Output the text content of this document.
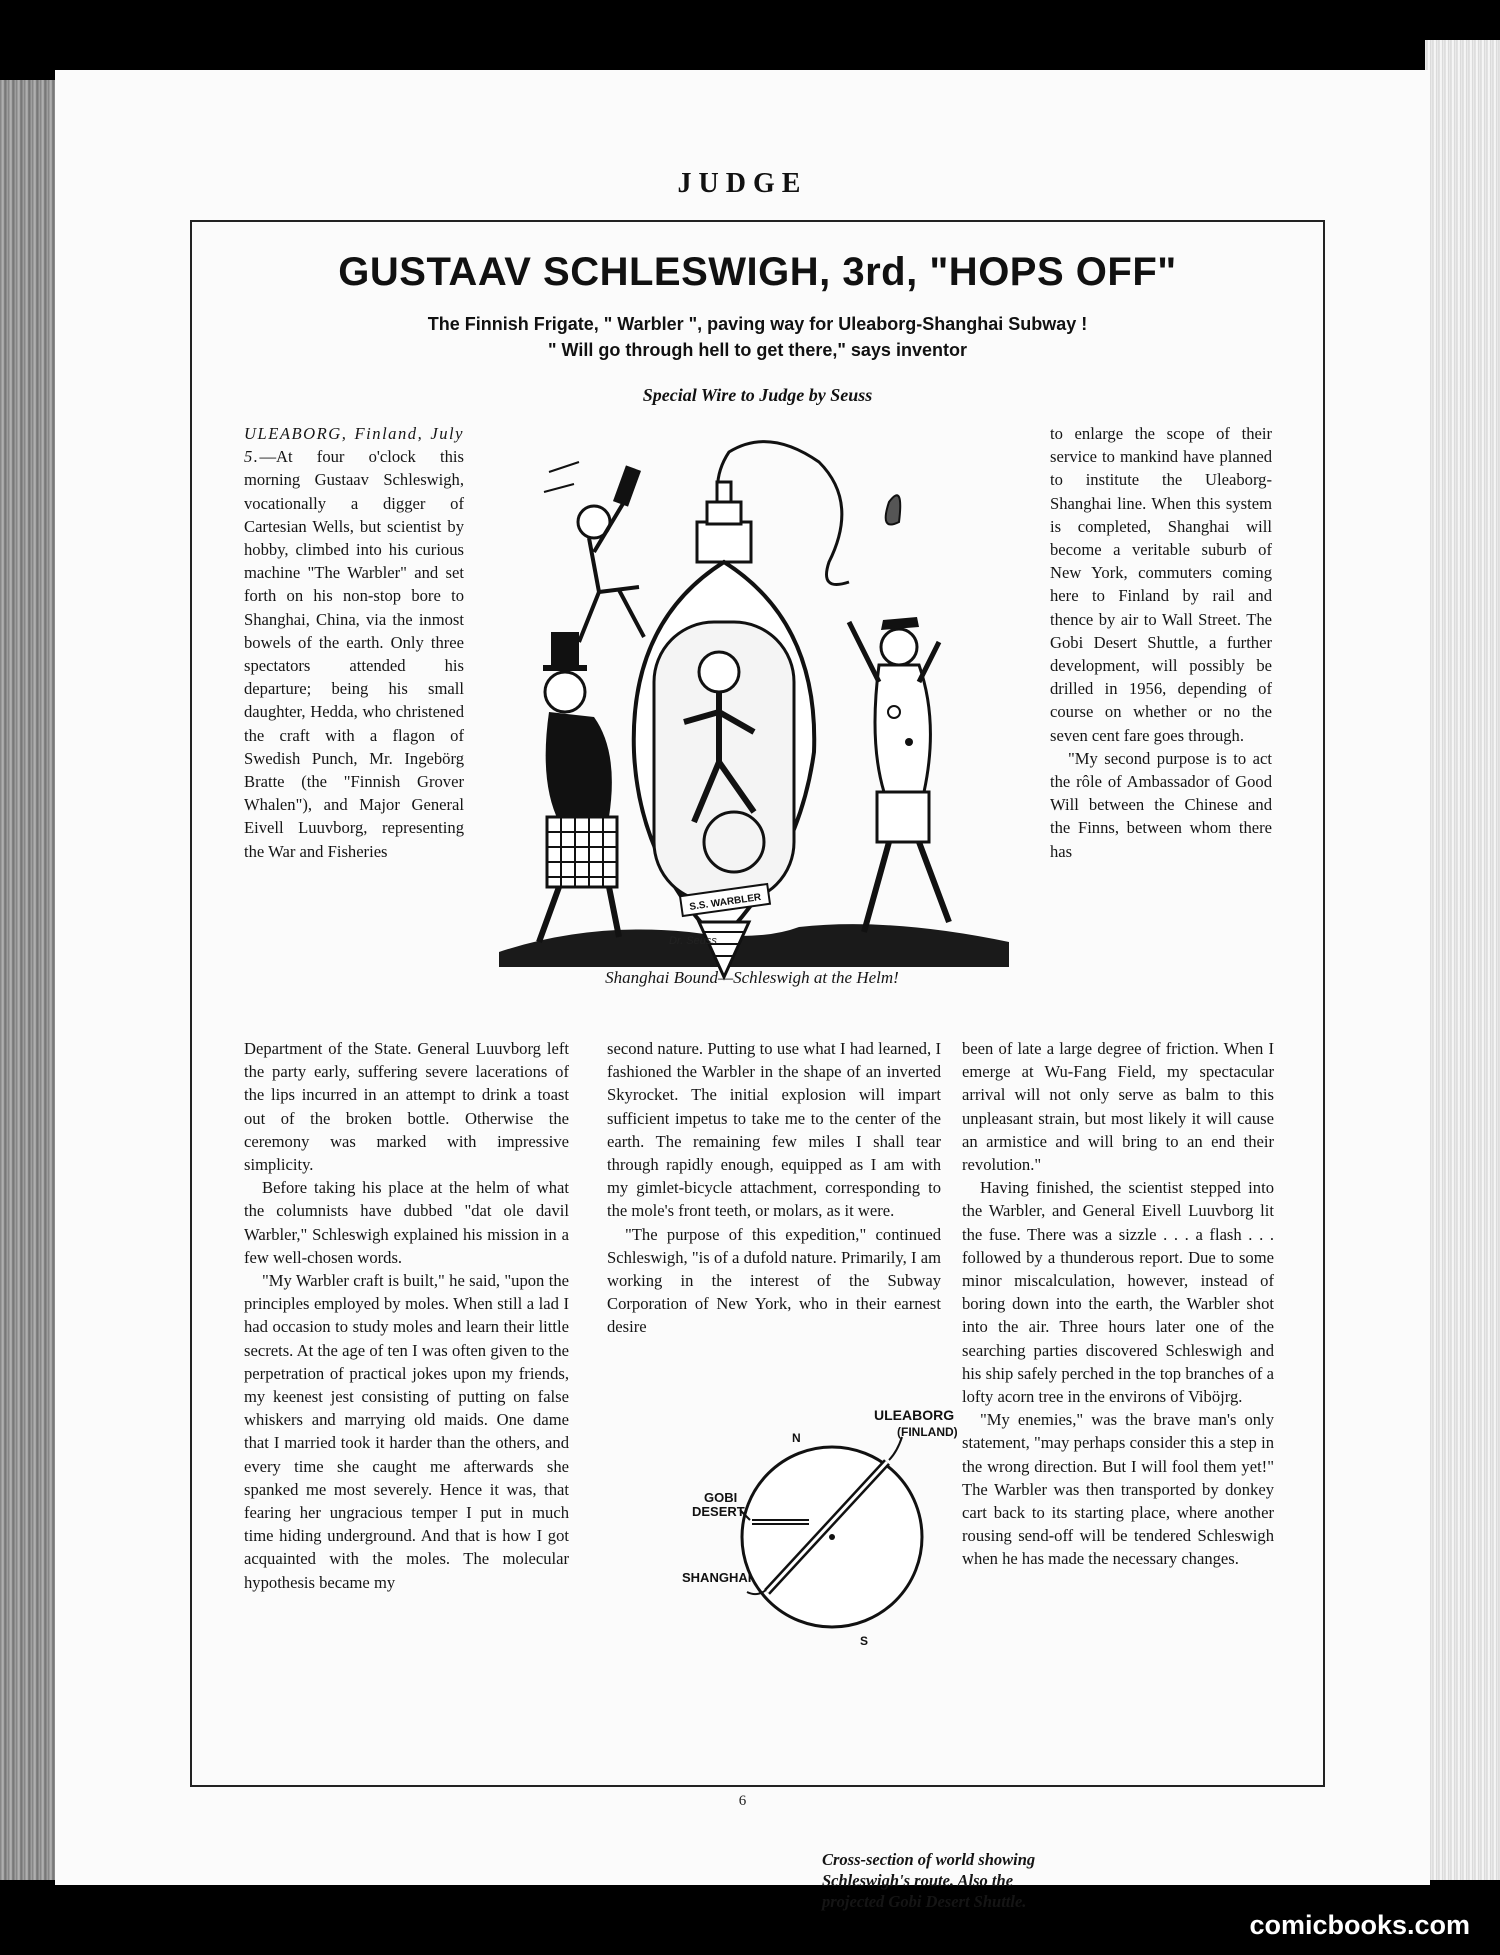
JUDGE
GUSTAAV SCHLESWIGH, 3rd, "HOPS OFF"
The Finnish Frigate, " Warbler ", paving way for Uleaborg-Shanghai Subway !
" Will go through hell to get there," says inventor
Special Wire to Judge by Seuss

ULEABORG, Finland, July 5.—At four o'clock this morning Gustaav Schleswigh, vocationally a digger of Cartesian Wells, but scientist by hobby, climbed into his curious machine "The Warbler" and set forth on his non-stop bore to Shanghai, China, via the inmost bowels of the earth. Only three spectators attended his departure; being his small daughter, Hedda, who christened the craft with a flagon of Swedish Punch, Mr. Ingebörg Bratte (the "Finnish Grover Whalen"), and Major General Eivell Luuvborg, representing the War and Fisheries

S.S. WARBLER
Dr. Seuss
Shanghai Bound—Schleswigh at the Helm!

to enlarge the scope of their service to mankind have planned to institute the Uleaborg-Shanghai line. When this system is completed, Shanghai will become a veritable suburb of New York, commuters coming here to Finland by rail and thence by air to Wall Street. The Gobi Desert Shuttle, a further development, will possibly be drilled in 1956, depending of course on whether or no the seven cent fare goes through.

"My second purpose is to act the rôle of Ambassador of Good Will between the Chinese and the Finns, between whom there has

Department of the State. General Luuvborg left the party early, suffering severe lacerations of the lips incurred in an attempt to drink a toast out of the broken bottle. Otherwise the ceremony was marked with impressive simplicity.

Before taking his place at the helm of what the columnists have dubbed "dat ole davil Warbler," Schleswigh explained his mission in a few well-chosen words.

"My Warbler craft is built," he said, "upon the principles employed by moles. When still a lad I had occasion to study moles and learn their little secrets. At the age of ten I was often given to the perpetration of practical jokes upon my friends, my keenest jest consisting of putting on false whiskers and marrying old maids. One dame that I married took it harder than the others, and every time she caught me afterwards she spanked me most severely. Hence it was, that fearing her ungracious temper I put in much time hiding underground. And that is how I got acquainted with the moles. The molecular hypothesis became my

second nature. Putting to use what I had learned, I fashioned the Warbler in the shape of an inverted Skyrocket. The initial explosion will impart sufficient impetus to take me to the center of the earth. The remaining few miles I shall tear through rapidly enough, equipped as I am with my gimlet-bicycle attachment, corresponding to the mole's front teeth, or molars, as it were.

"The purpose of this expedition," continued Schleswigh, "is of a dufold nature. Primarily, I am working in the interest of the Subway Corporation of New York, who in their earnest desire

ULEABORG
(FINLAND)
GOBI
DESERT
SHANGHAI
N
S
Cross-section of world showing Schleswigh's route. Also the projected Gobi Desert Shuttle.

been of late a large degree of friction. When I emerge at Wu-Fang Field, my spectacular arrival will not only serve as balm to this unpleasant strain, but most likely it will cause an armistice and will bring to an end their revolution."

Having finished, the scientist stepped into the Warbler, and General Eivell Luuvborg lit the fuse. There was a sizzle . . . a flash . . . followed by a thunderous report. Due to some minor miscalculation, however, instead of boring down into the earth, the Warbler shot into the air. Three hours later one of the searching parties discovered Schleswigh and his ship safely perched in the top branches of a lofty acorn tree in the environs of Viböjrg.

"My enemies," was the brave man's only statement, "may perhaps consider this a step in the wrong direction. But I will fool them yet!" The Warbler was then transported by donkey cart back to its starting place, where another rousing send-off will be tendered Schleswigh when he has made the necessary changes.

6
comicbooks.com
